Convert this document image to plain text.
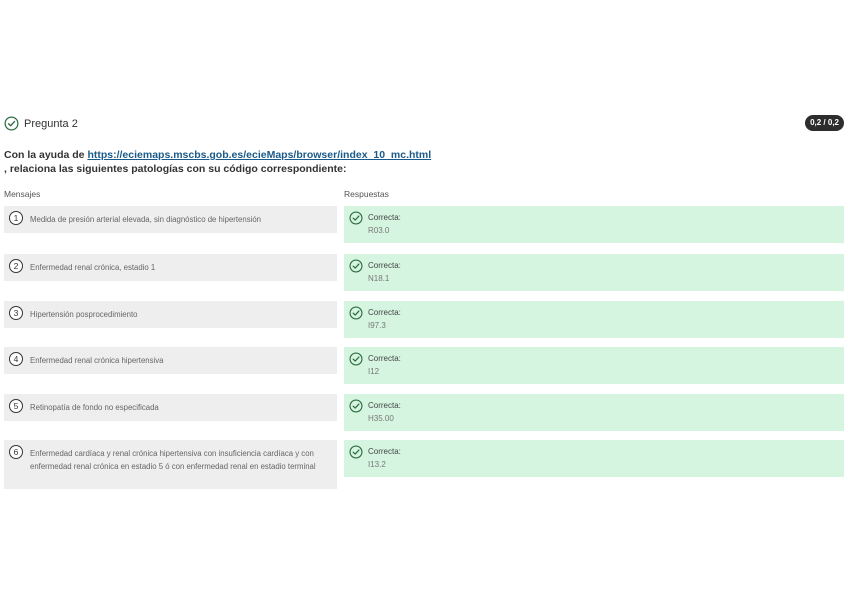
Pregunta 2	0,2 / 0,2
Con la ayuda de https://eciemaps.mscbs.gob.es/ecieMaps/browser/index_10_mc.html
, relaciona las siguientes patologías con su código correspondiente:
Mensajes	Respuestas
1	Medida de presión arterial elevada, sin diagnóstico de hipertensión	Correcta:
R03.0
2	Enfermedad renal crónica, estadio 1	Correcta:
N18.1
3	Hipertensión posprocedimiento	Correcta:
I97.3
4	Enfermedad renal crónica hipertensiva	Correcta:
I12
5	Retinopatía de fondo no especificada	Correcta:
H35.00
6	Enfermedad cardíaca y renal crónica hipertensiva con insuficiencia cardíaca y con enfermedad renal crónica en estadio 5 ó con enfermedad renal en estadio terminal
Correcta:
I13.2
